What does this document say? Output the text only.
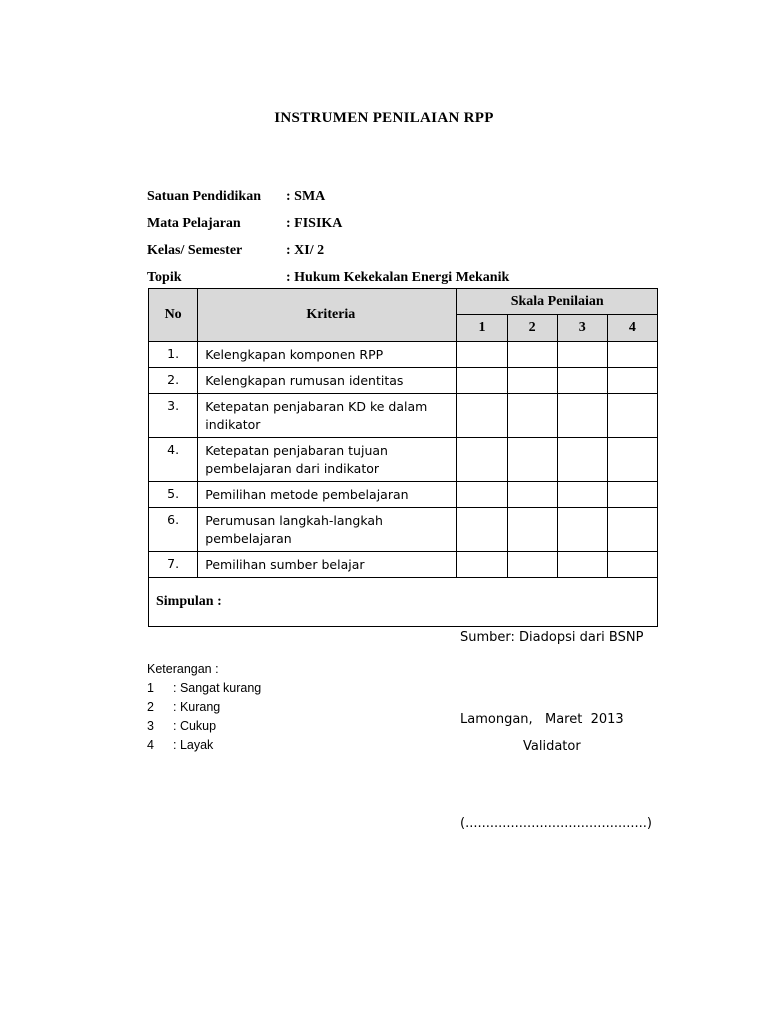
INSTRUMEN PENILAIAN RPP
Satuan Pendidikan : SMA
Mata Pelajaran	: FISIKA
Kelas/ Semester	: XI/ 2
Topik	: Hukum Kekekalan Energi Mekanik
No	Kriteria	Skala Penilaian			
		1	2	3	4
1.	Kelengkapan komponen RPP				
2.	Kelengkapan rumusan identitas				
3.	Ketepatan penjabaran KD ke dalam indikator				
4.	Ketepatan penjabaran tujuan pembelajaran dari indikator				
5.	Pemilihan metode pembelajaran				
6.	Perumusan langkah-langkah pembelajaran				
7.	Pemilihan sumber belajar				
Simpulan :					
Sumber: Diadopsi dari BSNP
Keterangan :
1 : Sangat kurang
2 : Kurang
3 : Cukup
4 : Layak
Lamongan, Maret  2013
Validator
(............................................)
